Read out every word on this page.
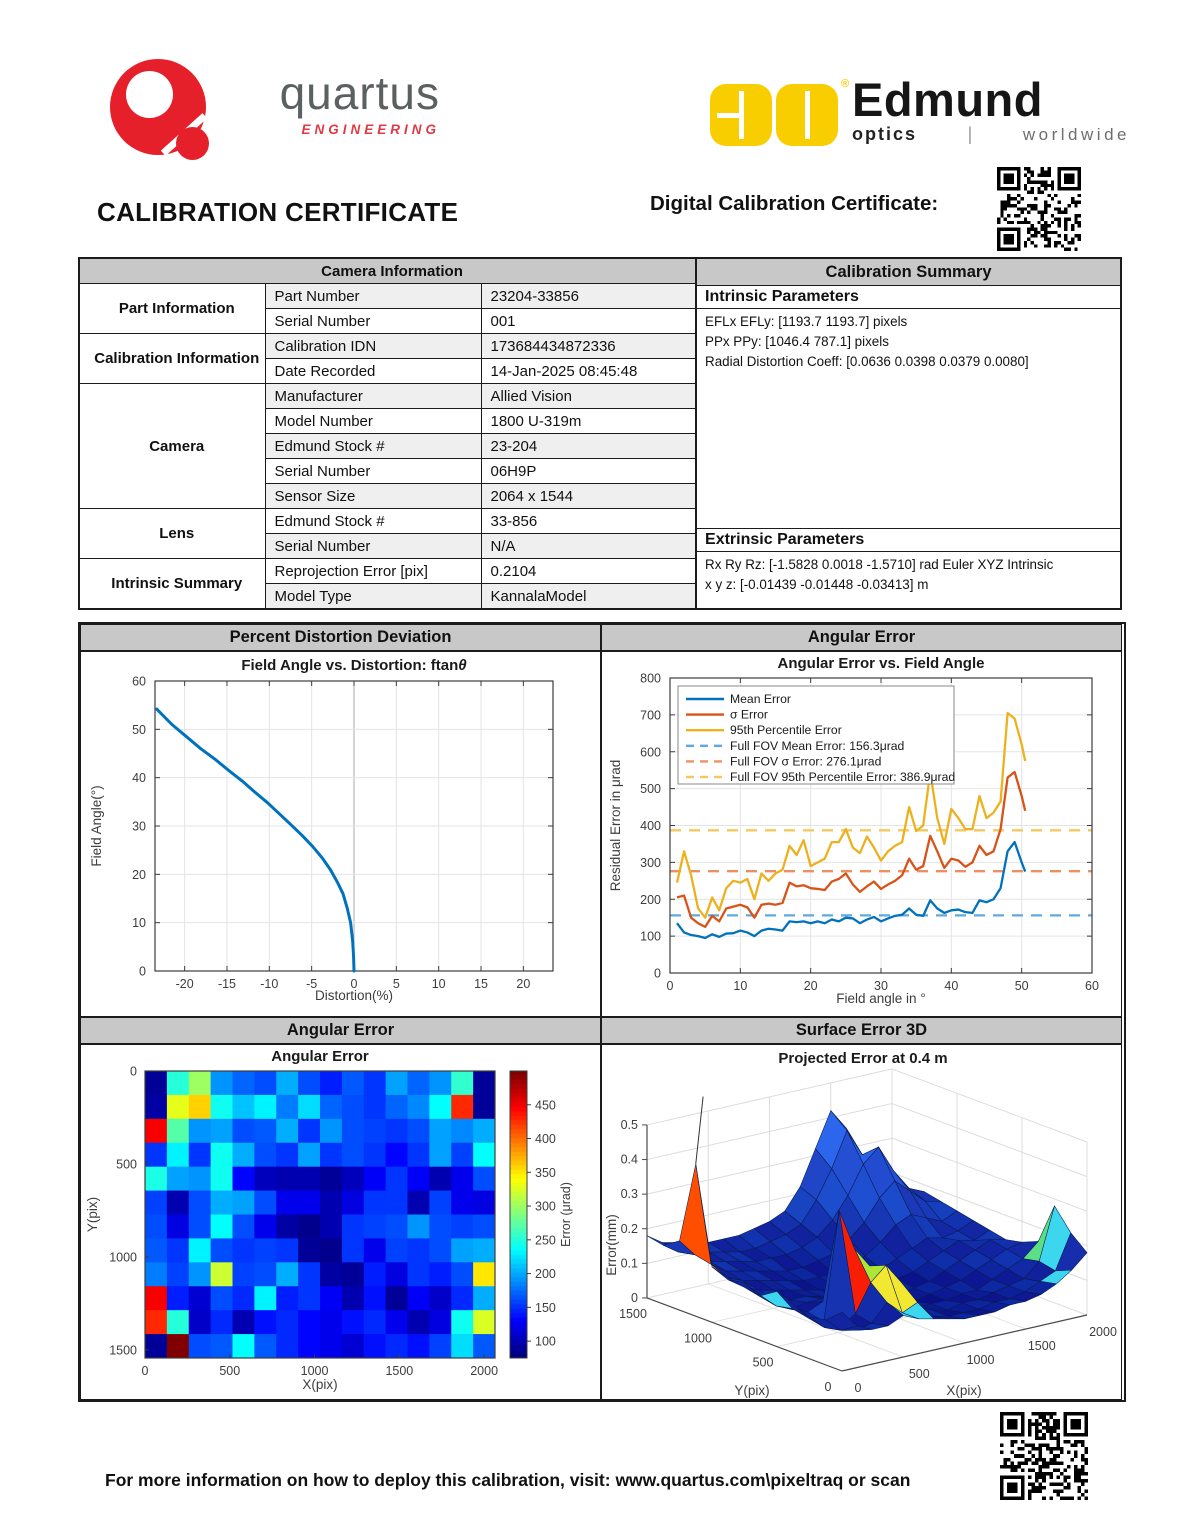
quartus
ENGINEERING
® Edmund
optics	|	worldwide
CALIBRATION CERTIFICATE	Digital Calibration Certificate:
Camera Information		
Part Information	Part Number	23204-33856
	Serial Number	001
Calibration Information	Calibration IDN	173684434872336
	Date Recorded	14-Jan-2025 08:45:48
Camera	Manufacturer	Allied Vision
	Model Number	1800 U-319m
	Edmund Stock #	23-204
	Serial Number	06H9P
	Sensor Size	2064 x 1544
Lens	Edmund Stock #	33-856
	Serial Number	N/A
Intrinsic Summary	Reprojection Error [pix]	0.2104
	Model Type	KannalaModel
Calibration Summary
Intrinsic Parameters
EFLx EFLy: [1193.7 1193.7] pixels
PPx PPy: [1046.4 787.1] pixels
Radial Distortion Coeff: [0.0636 0.0398 0.0379 0.0080]
Extrinsic Parameters
Rx Ry Rz: [-1.5828 0.0018 -1.5710] rad Euler XYZ Intrinsic
x y z: [-0.01439 -0.01448 -0.03413] m
Percent Distortion Deviation	Angular Error
-20 -15 -10 -5	0	5	10 15 20
0
10
20
30
40
50
60
Field Angle vs. Distortion: ftanθ
Distortion(%)
Field Angle(°)
0	10	20	30	40	50	60
0
100
200
300
400
500
600
700
800
Mean Error
σ Error
95th Percentile Error
Full FOV Mean Error: 156.3μrad
Full FOV σ Error: 276.1μrad
Full FOV 95th Percentile Error: 386.9μrad
Angular Error vs. Field Angle
Field angle in °
Residual Error in μrad
Angular Error	Surface Error 3D
0	500	1000	1500	2000
0
500
1000
1500
Angular Error
X(pix)
Y(pix)
100
150
200
250
300
350
400
450
Error (μrad)
0
0.1
0.2
0.3
0.4
0.5
0
500
1000
1500
0
500
1000
1500
2000
Y(pix)	X(pix)
Error(mm)
Projected Error at 0.4 m
For more information on how to deploy this calibration, visit: www.quartus.com\pixeltraq or scan
